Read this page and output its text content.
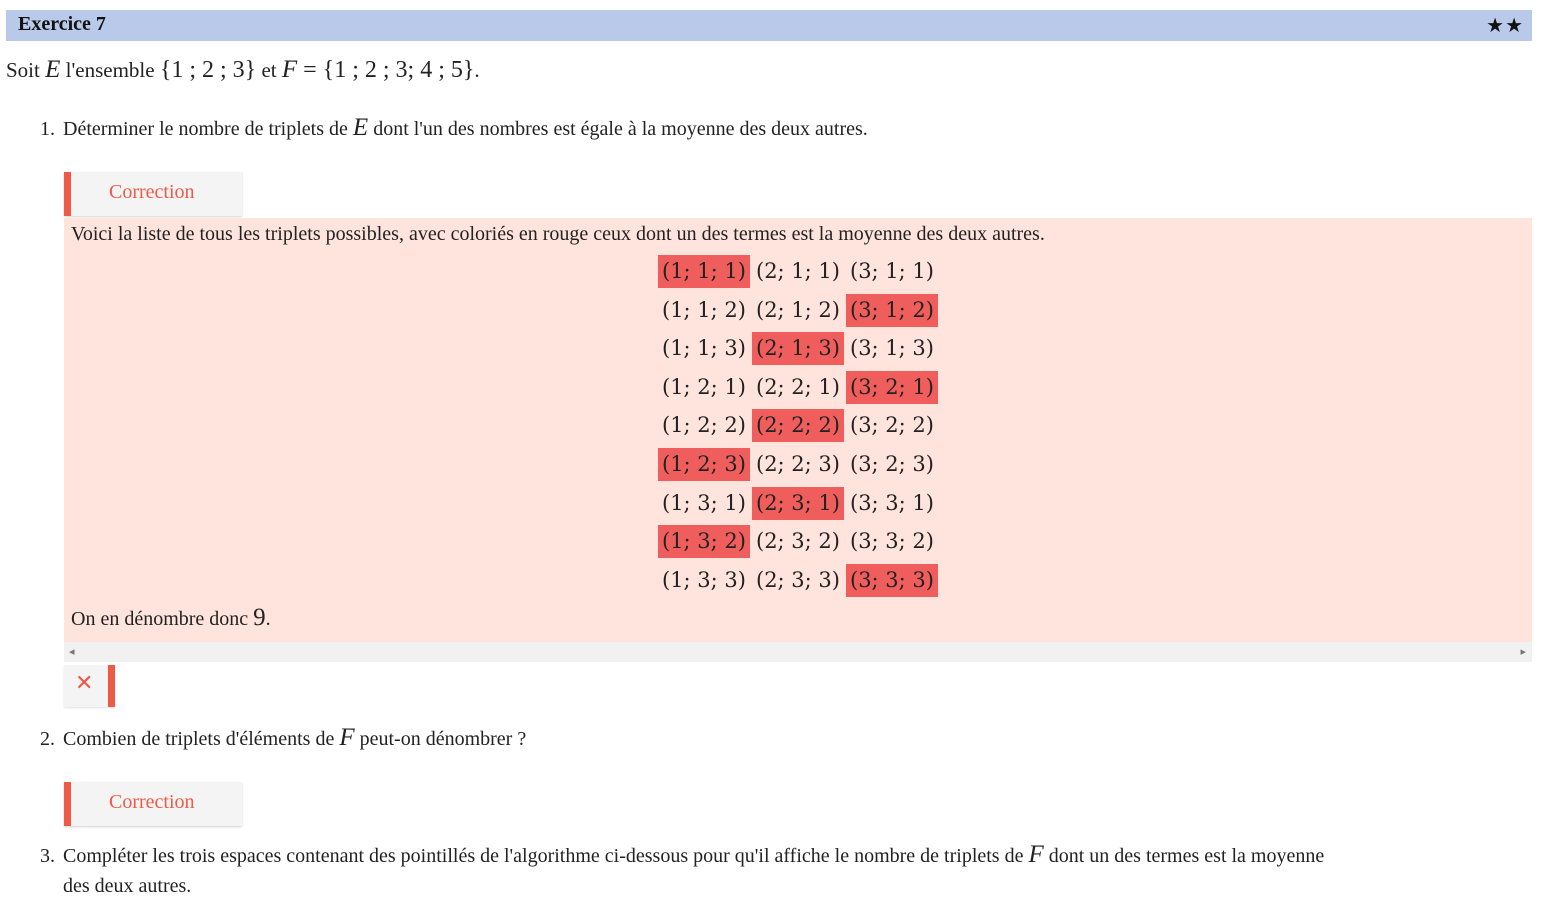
Exercice 7	★★
Soit E l'ensemble {1 ; 2 ; 3} et F = {1 ; 2 ; 3; 4 ; 5}.
1. Déterminer le nombre de triplets de E dont l'un des nombres est égale à la moyenne des deux autres.
Correction
Voici la liste de tous les triplets possibles, avec coloriés en rouge ceux dont un des termes est la moyenne des deux autres.
(1; 1; 1) (2; 1; 1) (3; 1; 1)
(1; 1; 2) (2; 1; 2) (3; 1; 2)
(1; 1; 3) (2; 1; 3) (3; 1; 3)
(1; 2; 1) (2; 2; 1) (3; 2; 1)
(1; 2; 2) (2; 2; 2) (3; 2; 2)
(1; 2; 3) (2; 2; 3) (3; 2; 3)
(1; 3; 1) (2; 3; 1) (3; 3; 1)
(1; 3; 2) (2; 3; 2) (3; 3; 2)
(1; 3; 3) (2; 3; 3) (3; 3; 3)
On en dénombre donc 9.
◂	▸
✕
2. Combien de triplets d'éléments de F peut-on dénombrer ?
Correction
3. Compléter les trois espaces contenant des pointillés de l'algorithme ci-dessous pour qu'il affiche le nombre de triplets de F dont un des termes est la moyenne
des deux autres.
